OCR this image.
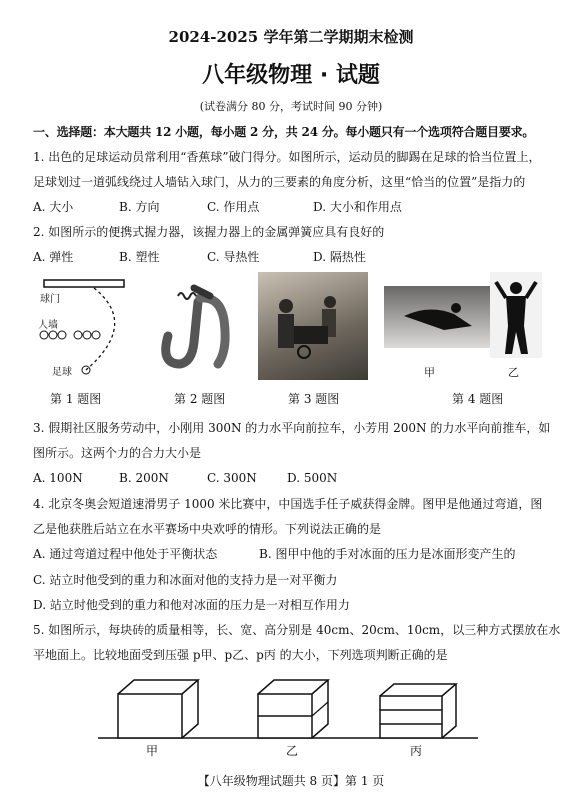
2024-2025 学年第二学期期末检测
八年级物理 · 试题
(试卷满分 80 分，考试时间 90 分钟)
一、选择题：本大题共 12 小题，每小题 2 分，共 24 分。每小题只有一个选项符合题目要求。
1. 出色的足球运动员常利用“香蕉球”破门得分。如图所示，运动员的脚踢在足球的恰当位置上，
足球划过一道弧线绕过人墙钻入球门，从力的三要素的角度分析，这里“恰当的位置”是指力的
A. 大小	B. 方向	C. 作用点	D. 大小和作用点
2. 如图所示的便携式握力器，该握力器上的金属弹簧应具有良好的
A. 弹性	B. 塑性	C. 导热性	D. 隔热性
球门
人墙
足球	甲	乙
第 1 题图	第 2 题图	第 3 题图	第 4 题图
3. 假期社区服务劳动中，小刚用 300N 的力水平向前拉车，小芳用 200N 的力水平向前推车，如
图所示。这两个力的合力大小是
A. 100N	B. 200N	C. 300N	D. 500N
4. 北京冬奥会短道速滑男子 1000 米比赛中，中国选手任子威获得金牌。图甲是他通过弯道，图
乙是他获胜后站立在水平赛场中央欢呼的情形。下列说法正确的是
A. 通过弯道过程中他处于平衡状态	B. 图甲中他的手对冰面的压力是冰面形变产生的
C. 站立时他受到的重力和冰面对他的支持力是一对平衡力
D. 站立时他受到的重力和他对冰面的压力是一对相互作用力
5. 如图所示，每块砖的质量相等，长、宽、高分别是 40cm、20cm、10cm，以三种方式摆放在水
平地面上。比较地面受到压强 p甲、p乙、p丙 的大小，下列选项判断正确的是
甲	乙	丙
【八年级物理试题共 8 页】第 1 页
